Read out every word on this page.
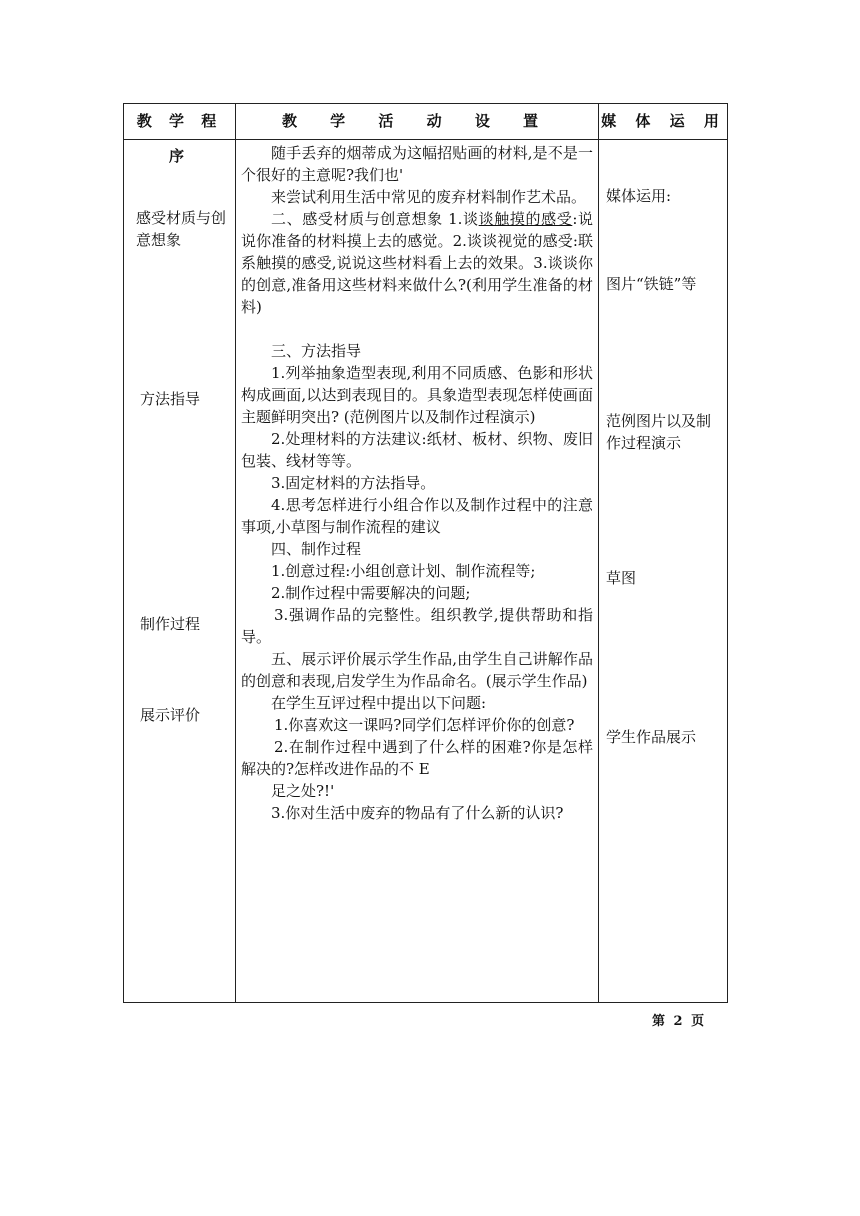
教 学 程 序
教 学 活 动 设 置	媒 体 运 用
感受材质与创意想象
方法指导
制作过程
展示评价

随手丢弃的烟蒂成为这幅招贴画的材料,是不是一个很好的主意呢?我们也'

来尝试利用生活中常见的废弃材料制作艺术品。

二、感受材质与创意想象 1.谈谈触摸的感受:说说你准备的材料摸上去的感觉。2.谈谈视觉的感受:联系触摸的感受,说说这些材料看上去的效果。3.谈谈你的创意,准备用这些材料来做什么?(利用学生准备的材料)

三、方法指导

1.列举抽象造型表现,利用不同质感、色影和形状构成画面,以达到表现目的。具象造型表现怎样使画面主题鲜明突出? (范例图片以及制作过程演示)

2.处理材料的方法建议:纸材、板材、织物、废旧包装、线材等等。

3.固定材料的方法指导。

4.思考怎样进行小组合作以及制作过程中的注意事项,小草图与制作流程的建议

四、制作过程

1.创意过程:小组创意计划、制作流程等;

2.制作过程中需要解决的问题;

3.强调作品的完整性。组织教学,提供帮助和指导。

五、展示评价展示学生作品,由学生自己讲解作品的创意和表现,启发学生为作品命名。(展示学生作品)

在学生互评过程中提出以下问题:

1.你喜欢这一课吗?同学们怎样评价你的创意?

2.在制作过程中遇到了什么样的困难?你是怎样解决的?怎样改进作品的不 E

足之处?!'

3.你对生活中废弃的物品有了什么新的认识?

媒体运用:
图片“铁链”等
范例图片以及制作过程演示
草图
学生作品展示
第 2 页
